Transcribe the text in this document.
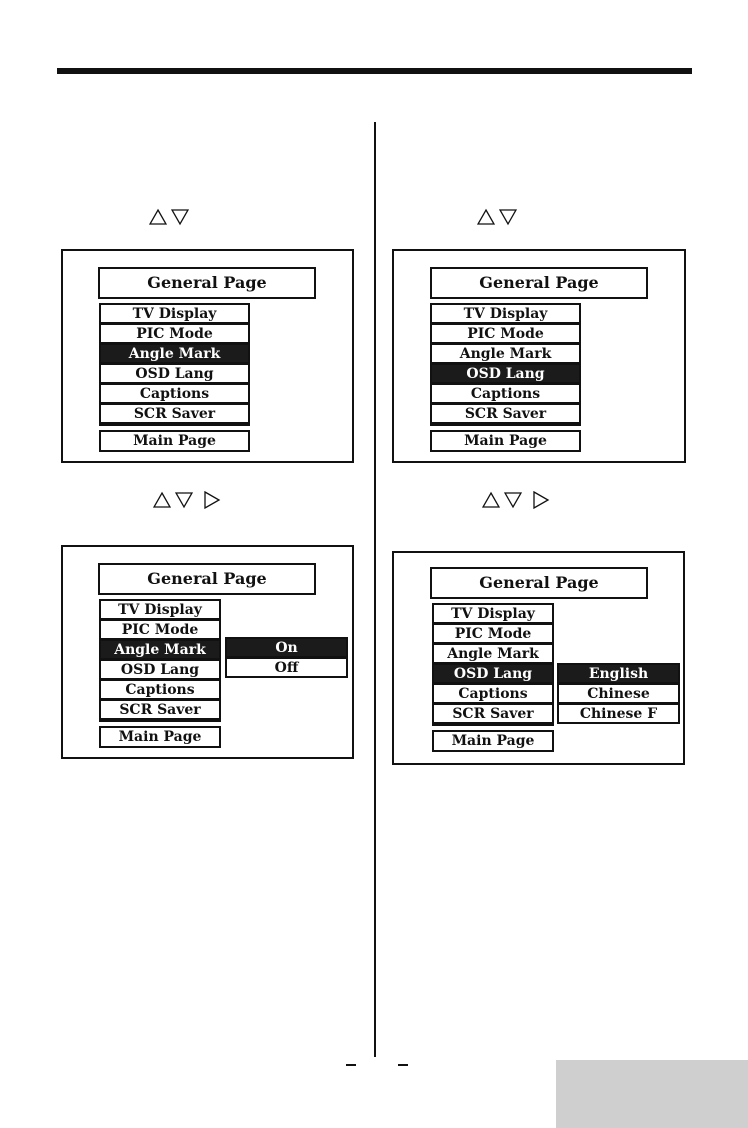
General Page
TV Display
PIC Mode
Angle Mark
OSD Lang
Captions
SCR Saver
Main Page
General Page
TV Display
PIC Mode
Angle Mark
OSD Lang
Captions
SCR Saver
Main Page
General Page
TV Display
PIC Mode
Angle Mark
OSD Lang
Captions
SCR Saver
Main Page
On
Off
General Page
TV Display
PIC Mode
Angle Mark
OSD Lang
Captions
SCR Saver
Main Page
English
Chinese
Chinese F
